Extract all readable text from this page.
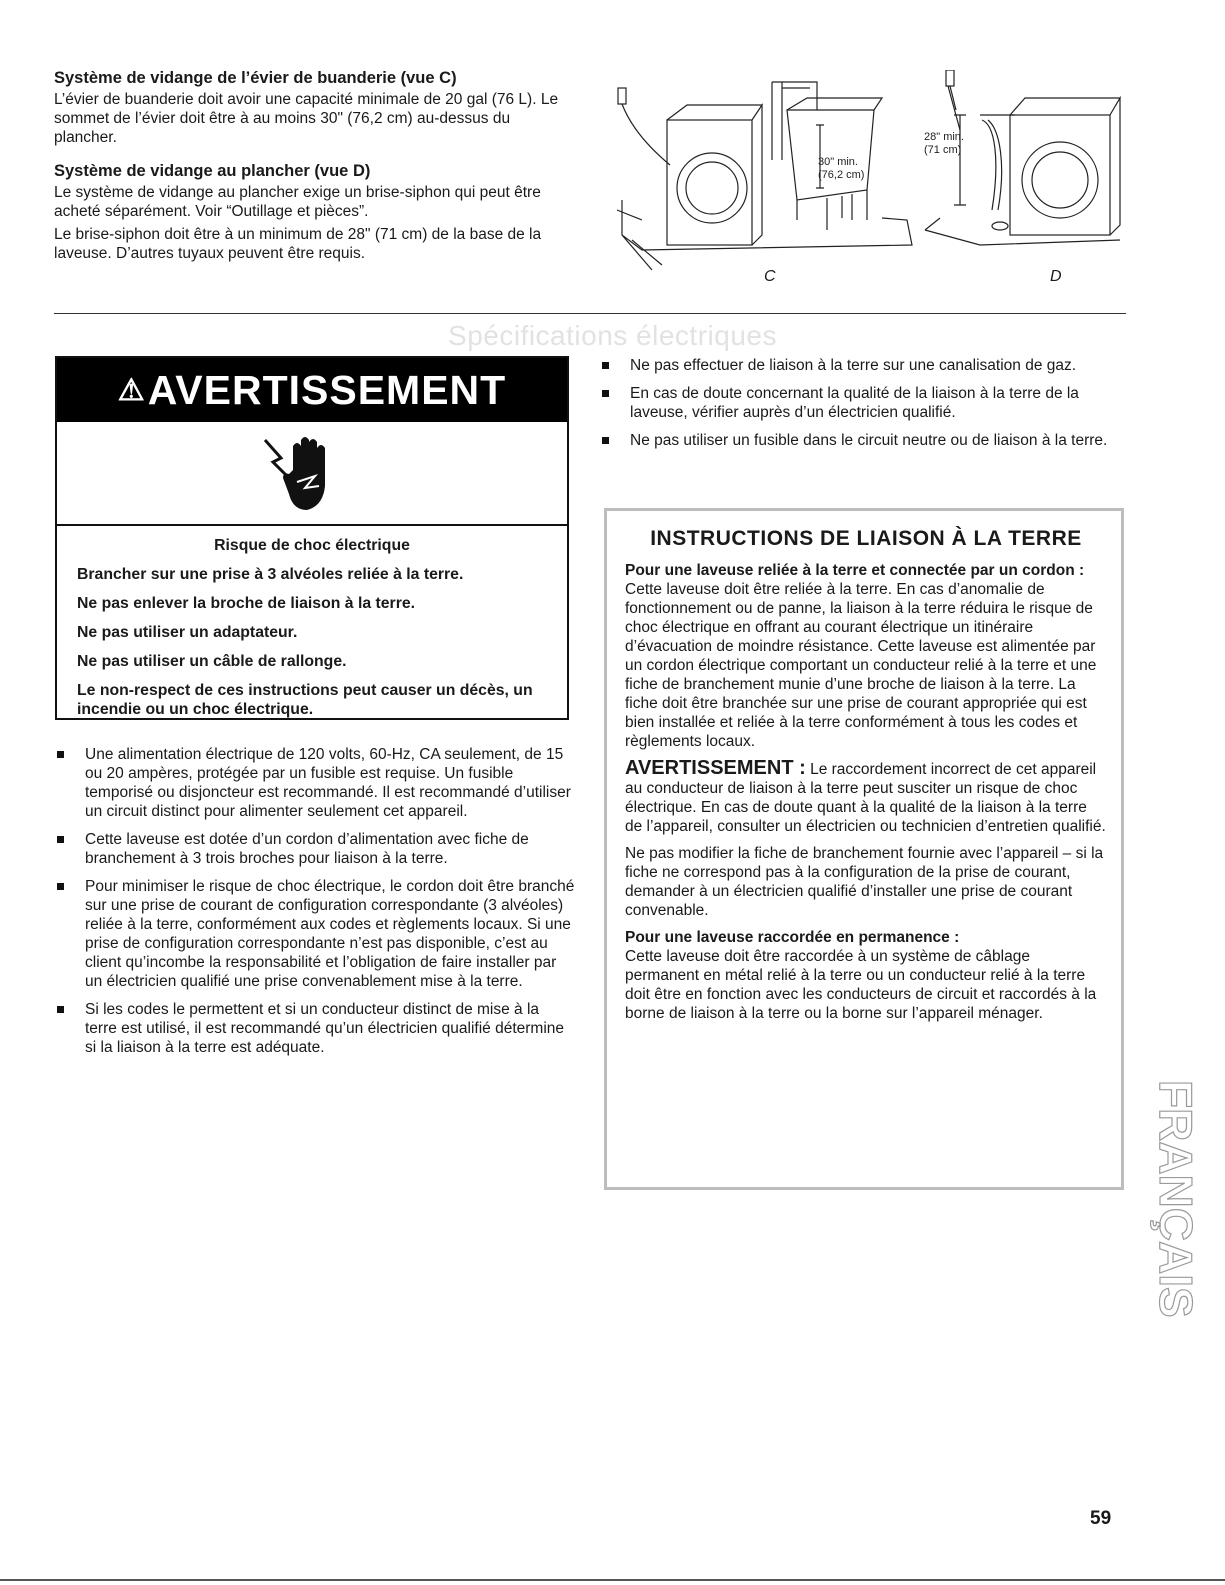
Système de vidange de l’évier de buanderie (vue C)

L’évier de buanderie doit avoir une capacité minimale de 20 gal (76 L). Le sommet de l’évier doit être à au moins 30" (76,2 cm) au-dessus du plancher.

Système de vidange au plancher (vue D)

Le système de vidange au plancher exige un brise-siphon qui peut être acheté séparément. Voir “Outillage et pièces”.

Le brise-siphon doit être à un minimum de 28" (71 cm) de la base de la laveuse. D’autres tuyaux peuvent être requis.

30" min.
(76,2 cm)
C
28" min.
(71 cm)
D
Spécifications électriques
⚠ AVERTISSEMENT
Risque de choc électrique
Brancher sur une prise à 3 alvéoles reliée à la terre.
Ne pas enlever la broche de liaison à la terre.
Ne pas utiliser un adaptateur.
Ne pas utiliser un câble de rallonge.
Le non-respect de ces instructions peut causer un décès, un incendie ou un choc électrique.
Une alimentation électrique de 120 volts, 60-Hz, CA seulement, de 15 ou 20 ampères, protégée par un fusible est requise. Un fusible temporisé ou disjoncteur est recommandé. Il est recommandé d’utiliser un circuit distinct pour alimenter seulement cet appareil.
Cette laveuse est dotée d’un cordon d’alimentation avec fiche de branchement à 3 trois broches pour liaison à la terre.
Pour minimiser le risque de choc électrique, le cordon doit être branché sur une prise de courant de configuration correspondante (3 alvéoles) reliée à la terre, conformément aux codes et règlements locaux. Si une prise de configuration correspondante n’est pas disponible, c’est au client qu’incombe la responsabilité et l’obligation de faire installer par un électricien qualifié une prise convenablement mise à la terre.
Si les codes le permettent et si un conducteur distinct de mise à la terre est utilisé, il est recommandé qu’un électricien qualifié détermine si la liaison à la terre est adéquate.
Ne pas effectuer de liaison à la terre sur une canalisation de gaz.
En cas de doute concernant la qualité de la liaison à la terre de la laveuse, vérifier auprès d’un électricien qualifié.
Ne pas utiliser un fusible dans le circuit neutre ou de liaison à la terre.
INSTRUCTIONS DE LIAISON À LA TERRE

Pour une laveuse reliée à la terre et connectée par un cordon :

Cette laveuse doit être reliée à la terre. En cas d’anomalie de fonctionnement ou de panne, la liaison à la terre réduira le risque de choc électrique en offrant au courant électrique un itinéraire d’évacuation de moindre résistance. Cette laveuse est alimentée par un cordon électrique comportant un conducteur relié à la terre et une fiche de branchement munie d’une broche de liaison à la terre. La fiche doit être branchée sur une prise de courant appropriée qui est bien installée et reliée à la terre conformément à tous les codes et règlements locaux.

AVERTISSEMENT : Le raccordement incorrect de cet appareil au conducteur de liaison à la terre peut susciter un risque de choc électrique. En cas de doute quant à la qualité de la liaison à la terre de l’appareil, consulter un électricien ou technicien d’entretien qualifié.

Ne pas modifier la fiche de branchement fournie avec l’appareil – si la fiche ne correspond pas à la configuration de la prise de courant, demander à un électricien qualifié d’installer une prise de courant convenable.

Pour une laveuse raccordée en permanence :

Cette laveuse doit être raccordée à un système de câblage permanent en métal relié à la terre ou un conducteur relié à la terre doit être en fonction avec les conducteurs de circuit et raccordés à la borne de liaison à la terre ou la borne sur l’appareil ménager.

FRANÇAIS
59
